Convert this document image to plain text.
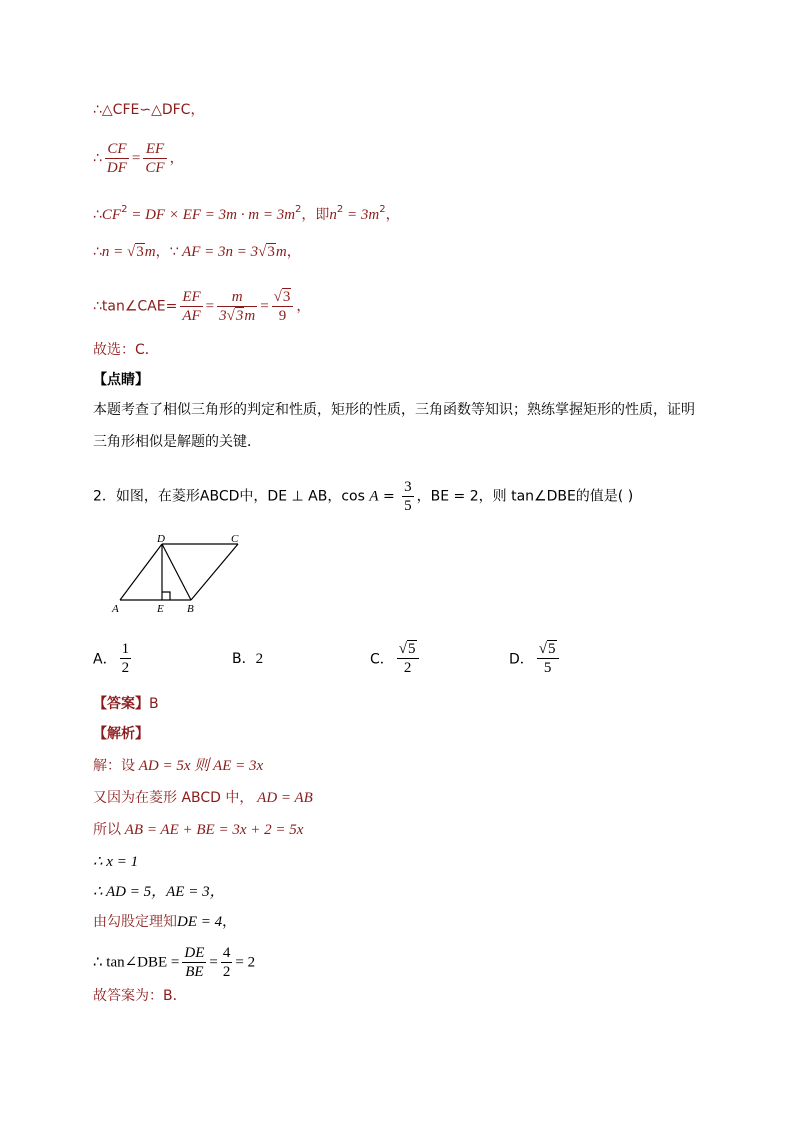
∴△CFE∽△DFC，
∴ $\frac{CF}{DF} = \frac{EF}{CF}$ ，
$\therefore CF^2$ = DF × EF = $3m \cdot m = 3m^2$，即$n^2 = 3m^2$，
∴n = √3m，∵ AF = 3n = 3√3m，
∴tan∠CAE= $\frac{EF}{AF} = \frac{m}{3√3m} = \frac{√3}{9}$ ，
故选：C．
【点睛】
本题考查了相似三角形的判定和性质，矩形的性质，三角函数等知识；熟练掌握矩形的性质，证明
三角形相似是解题的关键．
2．如图，在菱形ABCD中，DE ⊥ AB，$\cos A = \frac{3}{5}$ ，BE = 2，则 tan∠DBE的值是( )
D	C
A	E B
A． $\frac{1}{2}$	B．2	C． $\frac{√5}{2}$	D． $\frac{√5}{5}$
【答案】B
【解析】
解：设 AD = 5x 则 AE = 3x
又因为在菱形 ABCD 中， AD = AB
所以 AB = AE + BE = 3x + 2 = 5x
∴ x = 1
∴ AD = 5，AE = 3，
由勾股定理知DE = 4，
∴ tan∠DBE = $\frac{DE}{BE} = \frac{4}{2} = 2$
故答案为：B．
